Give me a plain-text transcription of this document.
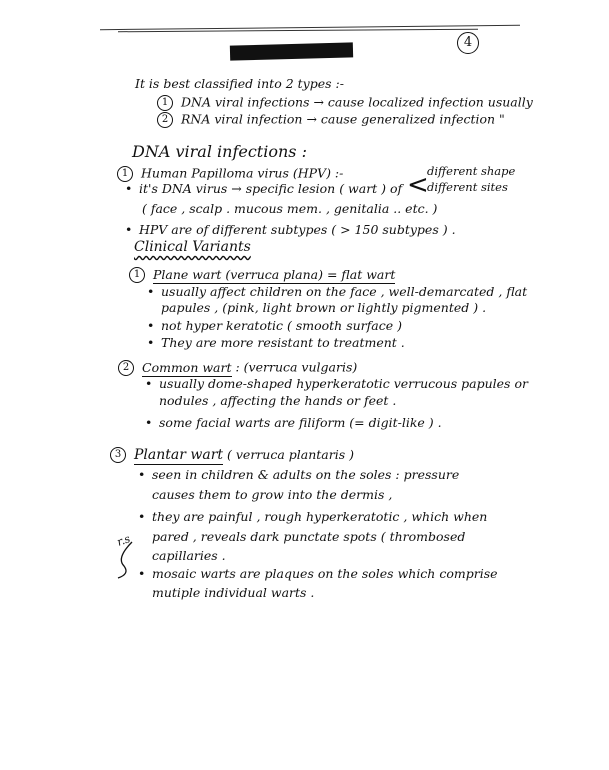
4
It is best classified into 2 types :-
1 DNA viral infections → cause localized infection usually
2 RNA viral infection → cause generalized infection "
DNA viral infections :
1 Human Papilloma virus (HPV) :-
• it's DNA virus → specific lesion ( wart ) of <
different shape
different sites
( face , scalp . mucous mem. , genitalia .. etc. )
• HPV are of different subtypes ( > 150 subtypes ) .
Clinical Variants
1 Plane wart (verruca plana) = flat wart
• usually affect children on the face , well-demarcated , flat
papules , (pink, light brown or lightly pigmented ) .
• not hyper keratotic ( smooth surface )
• They are more resistant to treatment .
2 Common wart : (verruca vulgaris)
• usually dome-shaped hyperkeratotic verrucous papules or
nodules , affecting the hands or feet .
• some facial warts are filiform (= digit-like ) .
3 Plantar wart ( verruca plantaris )
• seen in children & adults on the soles : pressure
causes them to grow into the dermis ,
• they are painful , rough hyperkeratotic , which when
pared , reveals dark punctate spots ( thrombosed
capillaries .
• mosaic warts are plaques on the soles which comprise
mutiple individual warts .
r.s
